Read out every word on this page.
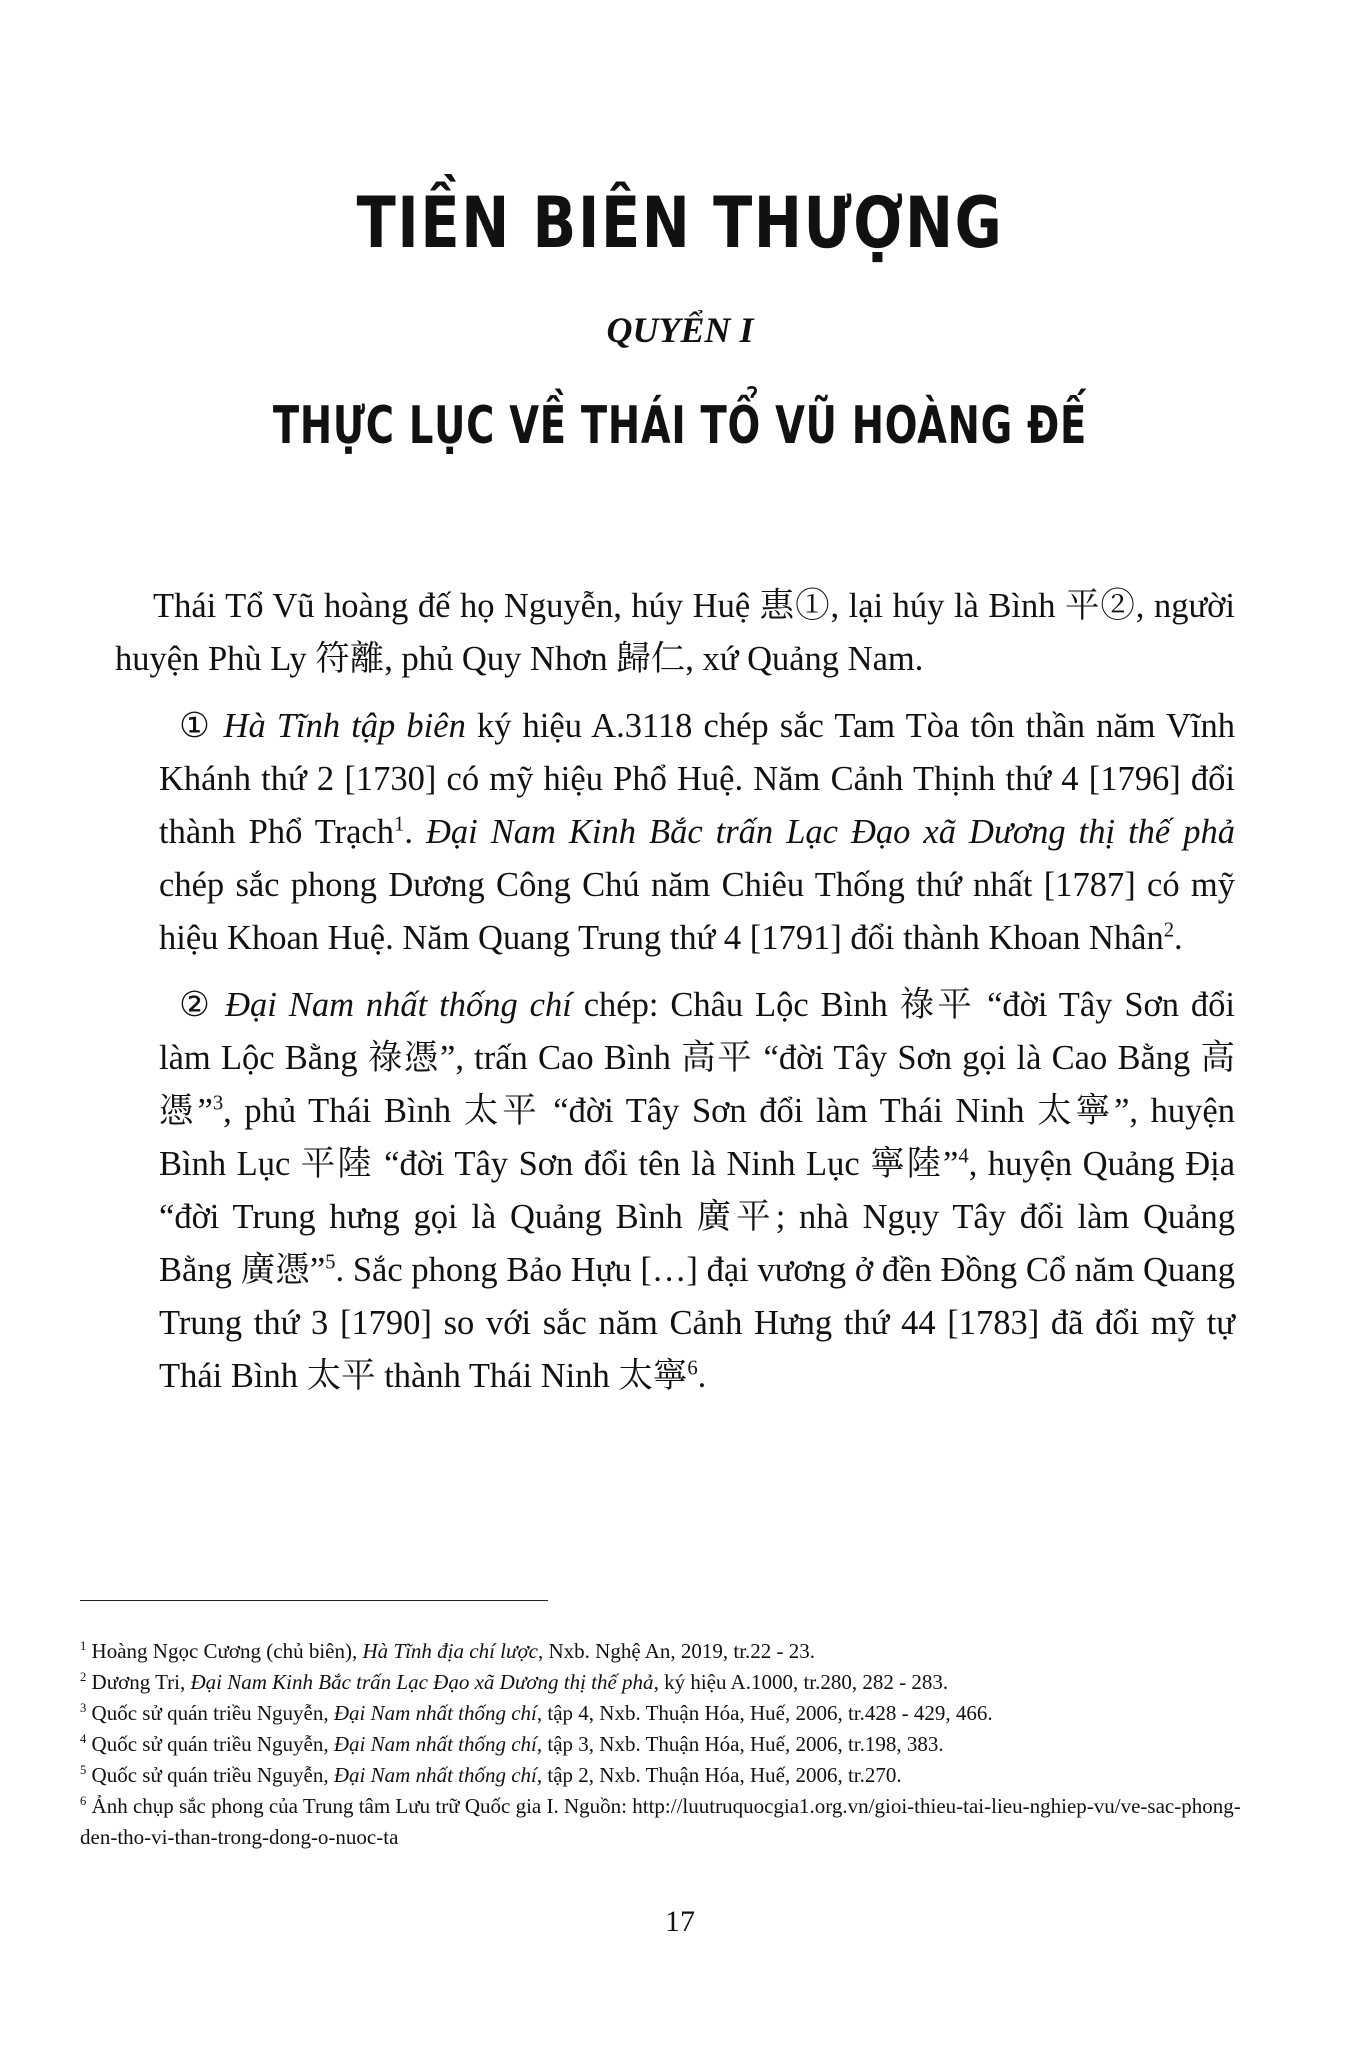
TIỀN BIÊN THƯỢNG
QUYỂN I
THỰC LỤC VỀ THÁI TỔ VŨ HOÀNG ĐẾ

Thái Tổ Vũ hoàng đế họ Nguyễn, húy Huệ 惠①, lại húy là Bình 平②, người huyện Phù Ly 符離, phủ Quy Nhơn 歸仁, xứ Quảng Nam.

① Hà Tĩnh tập biên ký hiệu A.3118 chép sắc Tam Tòa tôn thần năm Vĩnh Khánh thứ 2 [1730] có mỹ hiệu Phổ Huệ. Năm Cảnh Thịnh thứ 4 [1796] đổi thành Phổ Trạch$^1$. Đại Nam Kinh Bắc trấn Lạc Đạo xã Dương thị thế phả chép sắc phong Dương Công Chú năm Chiêu Thống thứ nhất [1787] có mỹ hiệu Khoan Huệ. Năm Quang Trung thứ 4 [1791] đổi thành Khoan Nhân$^2$.

② Đại Nam nhất thống chí chép: Châu Lộc Bình 祿平 “đời Tây Sơn đổi làm Lộc Bằng 祿憑”, trấn Cao Bình 高平 “đời Tây Sơn gọi là Cao Bằng 高憑”$^3$, phủ Thái Bình 太平 “đời Tây Sơn đổi làm Thái Ninh 太寧”, huyện Bình Lục 平陸 “đời Tây Sơn đổi tên là Ninh Lục 寧陸”$^4$, huyện Quảng Địa “đời Trung hưng gọi là Quảng Bình 廣平; nhà Ngụy Tây đổi làm Quảng Bằng 廣憑”$^5$. Sắc phong Bảo Hựu […] đại vương ở đền Đồng Cổ năm Quang Trung thứ 3 [1790] so với sắc năm Cảnh Hưng thứ 44 [1783] đã đổi mỹ tự Thái Bình 太平 thành Thái Ninh 太寧$^6$.

$^1$ Hoàng Ngọc Cương (chủ biên), Hà Tĩnh địa chí lược, Nxb. Nghệ An, 2019, tr.22 - 23.

$^2$ Dương Tri, Đại Nam Kinh Bắc trấn Lạc Đạo xã Dương thị thế phả, ký hiệu A.1000, tr.280, 282 - 283.

$^3$ Quốc sử quán triều Nguyễn, Đại Nam nhất thống chí, tập 4, Nxb. Thuận Hóa, Huế, 2006, tr.428 - 429, 466.

$^4$ Quốc sử quán triều Nguyễn, Đại Nam nhất thống chí, tập 3, Nxb. Thuận Hóa, Huế, 2006, tr.198, 383.

$^5$ Quốc sử quán triều Nguyễn, Đại Nam nhất thống chí, tập 2, Nxb. Thuận Hóa, Huế, 2006, tr.270.

$^6$ Ảnh chụp sắc phong của Trung tâm Lưu trữ Quốc gia I. Nguồn: http://luutruquocgia1.org.vn/gioi-thieu-tai-lieu-nghiep-vu/ve-sac-phong-den-tho-vi-than-trong-dong-o-nuoc-ta

17
